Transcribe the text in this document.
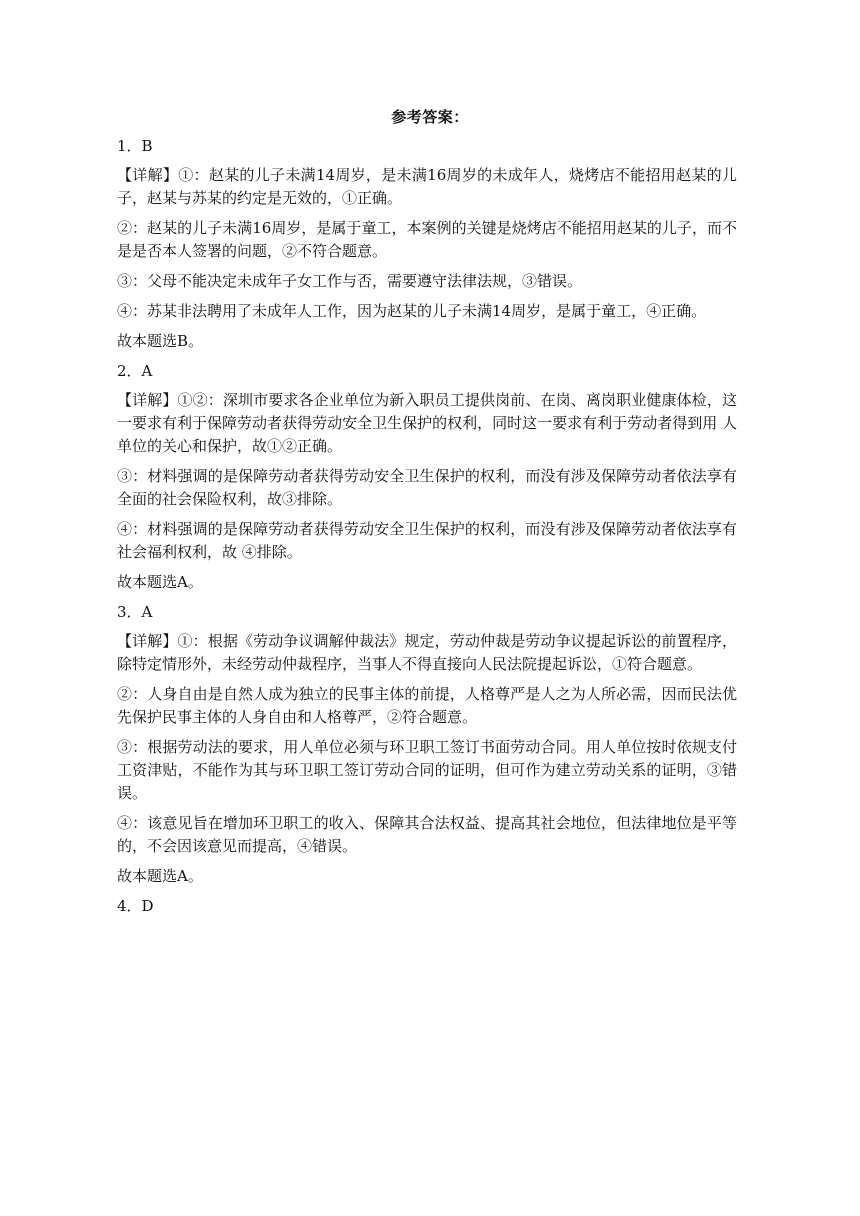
参考答案：
1．B

【详解】①：赵某的儿子未满14周岁，是未满16周岁的未成年人，烧烤店不能招用赵某的儿子，赵某与苏某的约定是无效的，①正确。

②：赵某的儿子未满16周岁，是属于童工，本案例的关键是烧烤店不能招用赵某的儿子，而不是是否本人签署的问题，②不符合题意。

③：父母不能决定未成年子女工作与否，需要遵守法律法规，③错误。

④：苏某非法聘用了未成年人工作，因为赵某的儿子未满14周岁，是属于童工，④正确。

故本题选B。

2．A

【详解】①②：深圳市要求各企业单位为新入职员工提供岗前、在岗、离岗职业健康体检，这一要求有利于保障劳动者获得劳动安全卫生保护的权利，同时这一要求有利于劳动者得到用 人单位的关心和保护，故①②正确。

③：材料强调的是保障劳动者获得劳动安全卫生保护的权利，而没有涉及保障劳动者依法享有全面的社会保险权利，故③排除。

④：材料强调的是保障劳动者获得劳动安全卫生保护的权利，而没有涉及保障劳动者依法享有社会福利权利，故 ④排除。

故本题选A。

3．A

【详解】①：根据《劳动争议调解仲裁法》规定，劳动仲裁是劳动争议提起诉讼的前置程序，除特定情形外，未经劳动仲裁程序，当事人不得直接向人民法院提起诉讼，①符合题意。

②：人身自由是自然人成为独立的民事主体的前提，人格尊严是人之为人所必需，因而民法优先保护民事主体的人身自由和人格尊严，②符合题意。

③：根据劳动法的要求，用人单位必须与环卫职工签订书面劳动合同。用人单位按时依规支付工资津贴，不能作为其与环卫职工签订劳动合同的证明，但可作为建立劳动关系的证明，③错误。

④：该意见旨在增加环卫职工的收入、保障其合法权益、提高其社会地位，但法律地位是平等的，不会因该意见而提高，④错误。

故本题选A。

4．D
